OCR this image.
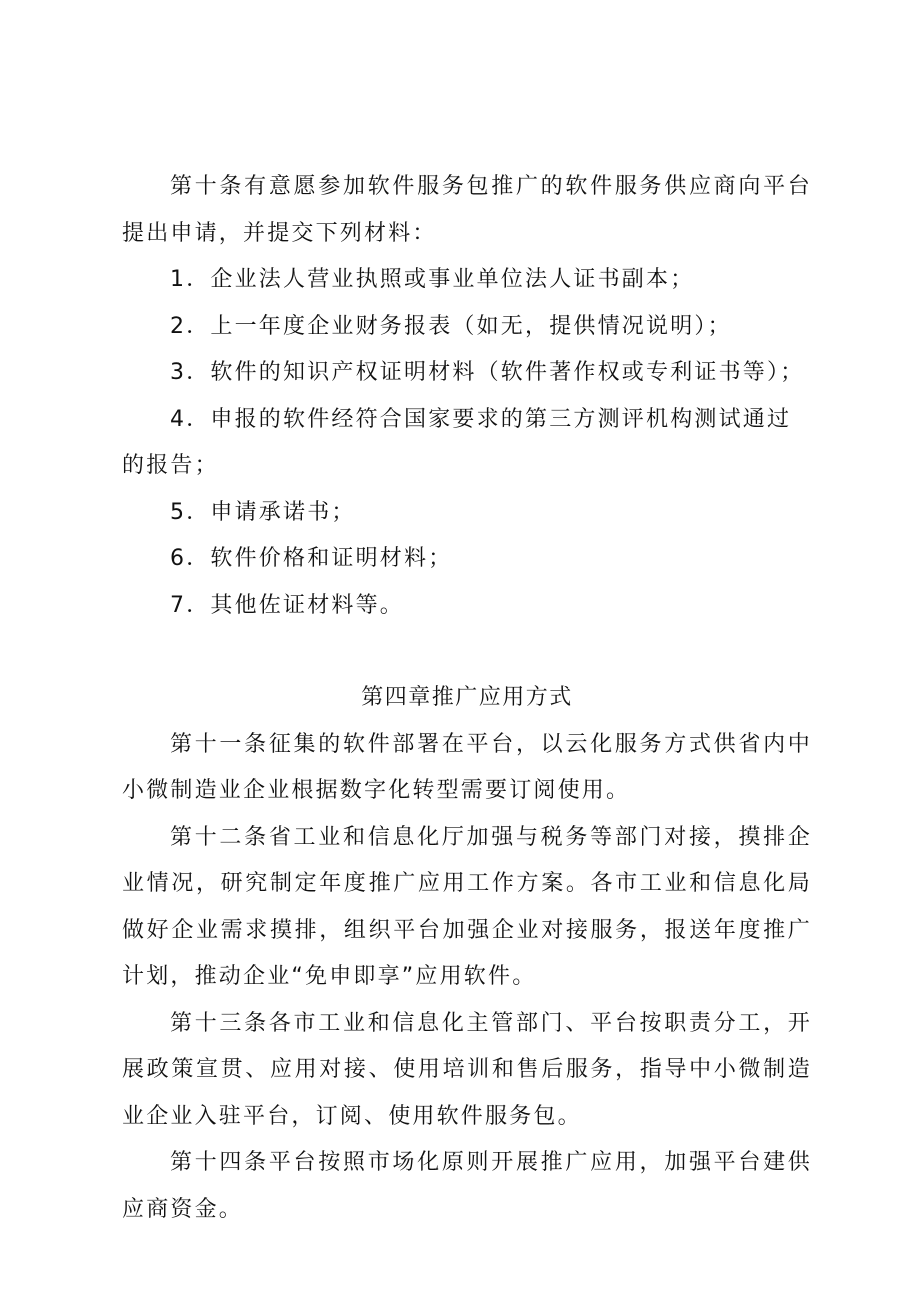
第十条有意愿参加软件服务包推广的软件服务供应商向平台提出申请，并提交下列材料：

1．企业法人营业执照或事业单位法人证书副本；

2．上一年度企业财务报表（如无，提供情况说明）；

3．软件的知识产权证明材料（软件著作权或专利证书等）；

4．申报的软件经符合国家要求的第三方测评机构测试通过的报告；

5．申请承诺书；

6．软件价格和证明材料；

7．其他佐证材料等。

第四章推广应用方式

第十一条征集的软件部署在平台，以云化服务方式供省内中小微制造业企业根据数字化转型需要订阅使用。

第十二条省工业和信息化厅加强与税务等部门对接，摸排企业情况，研究制定年度推广应用工作方案。各市工业和信息化局做好企业需求摸排，组织平台加强企业对接服务，报送年度推广计划，推动企业“免申即享”应用软件。

第十三条各市工业和信息化主管部门、平台按职责分工，开展政策宣贯、应用对接、使用培训和售后服务，指导中小微制造业企业入驻平台，订阅、使用软件服务包。

第十四条平台按照市场化原则开展推广应用，加强平台建供应商资金。
